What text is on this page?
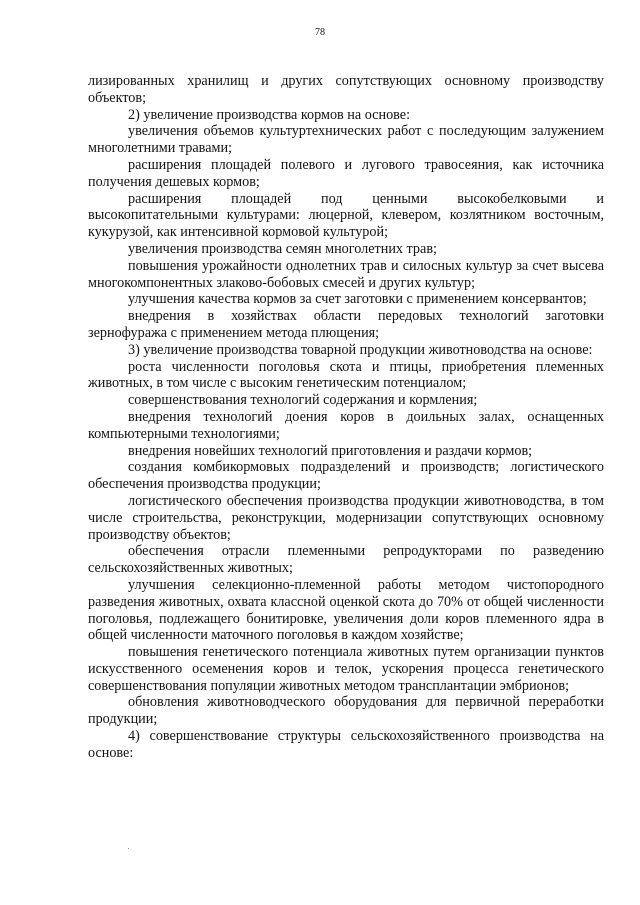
78

лизированных хранилищ и других сопутствующих основному производству объектов;

2) увеличение производства кормов на основе:

увеличения объемов культуртехнических работ с последующим залужением многолетними травами;

расширения площадей полевого и лугового травосеяния, как источника получения дешевых кормов;

расширения площадей под ценными высокобелковыми и высокопитательными культурами: люцерной, клевером, козлятником восточным, кукурузой, как интенсивной кормовой культурой;

увеличения производства семян многолетних трав;

повышения урожайности однолетних трав и силосных культур за счет высева многокомпонентных злаково-бобовых смесей и других культур;

улучшения качества кормов за счет заготовки с применением консервантов;

внедрения в хозяйствах области передовых технологий заготовки зернофуража с применением метода плющения;

3) увеличение производства товарной продукции животноводства на основе:

роста численности поголовья скота и птицы, приобретения племенных животных, в том числе с высоким генетическим потенциалом;

совершенствования технологий содержания и кормления;

внедрения технологий доения коров в доильных залах, оснащенных компьютерными технологиями;

внедрения новейших технологий приготовления и раздачи кормов;

создания комбикормовых подразделений и производств; логистического обеспечения производства продукции;

логистического обеспечения производства продукции животноводства, в том числе строительства, реконструкции, модернизации сопутствующих основному производству объектов;

обеспечения отрасли племенными репродукторами по разведению сельскохозяйственных животных;

улучшения селекционно-племенной работы методом чистопородного разведения животных, охвата классной оценкой скота до 70% от общей численности поголовья, подлежащего бонитировке, увеличения доли коров племенного ядра в общей численности маточного поголовья в каждом хозяйстве;

повышения генетического потенциала животных путем организации пунктов искусственного осеменения коров и телок, ускорения процесса генетического совершенствования популяции животных методом трансплантации эмбрионов;

обновления животноводческого оборудования для первичной переработки продукции;

4) совершенствование структуры сельскохозяйственного производства на основе:
